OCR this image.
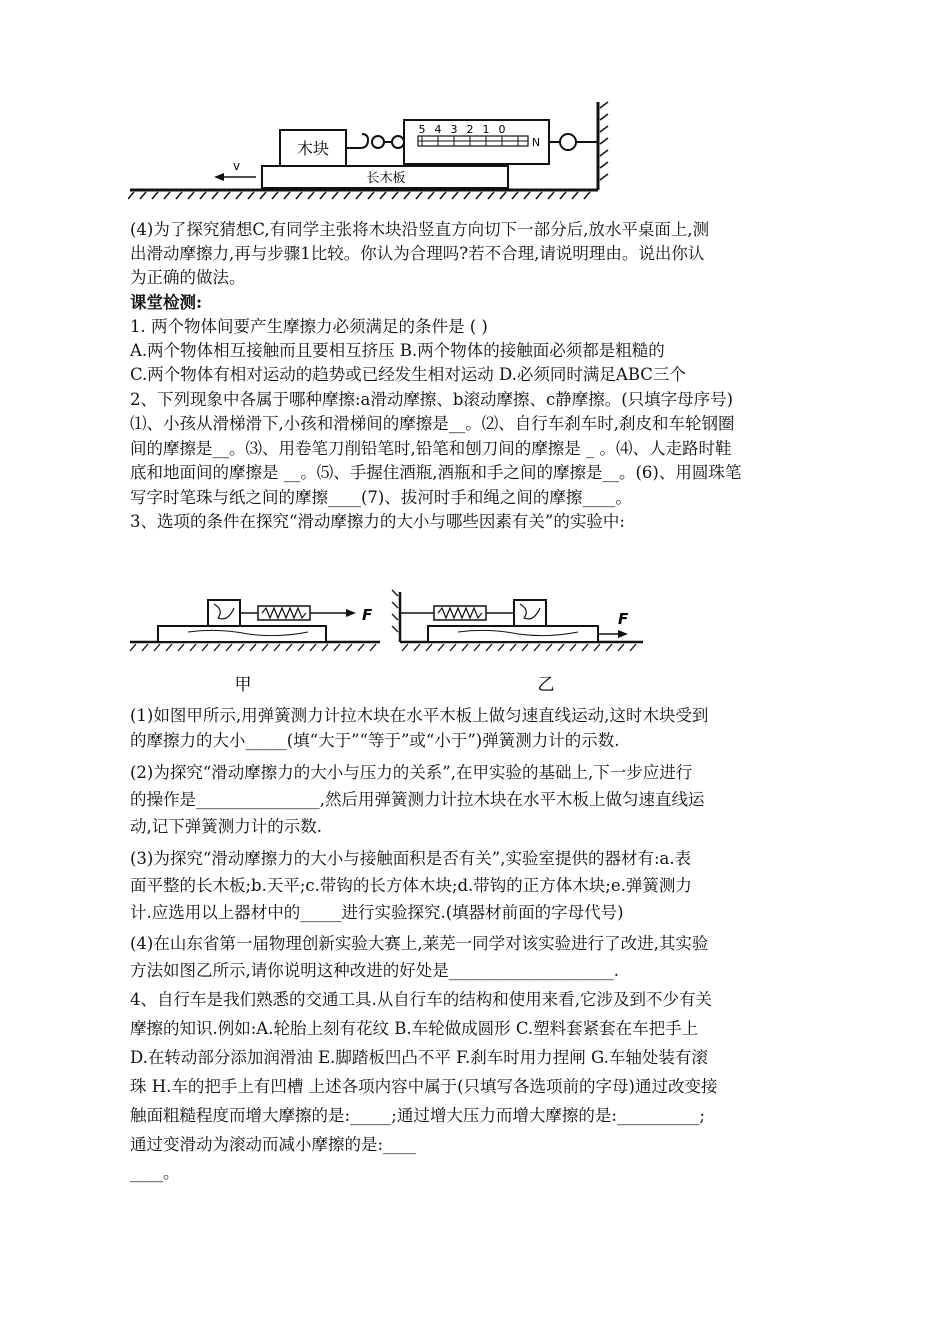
长木板
v
木块
5 4 3 2 1 0
N
(4)为了探究猜想C,有同学主张将木块沿竖直方向切下一部分后,放水平桌面上,测
出滑动摩擦力,再与步骤1比较。你认为合理吗?若不合理,请说明理由。说出你认
为正确的做法。
课堂检测:
1. 两个物体间要产生摩擦力必须满足的条件是 ( )
A.两个物体相互接触而且要相互挤压 B.两个物体的接触面必须都是粗糙的
C.两个物体有相对运动的趋势或已经发生相对运动 D.必须同时满足ABC三个
2、下列现象中各属于哪种摩擦:a滑动摩擦、b滚动摩擦、c静摩擦。(只填字母序号)
⑴、小孩从滑梯滑下,小孩和滑梯间的摩擦是__。⑵、自行车刹车时,刹皮和车轮钢圈
间的摩擦是__。⑶、用卷笔刀削铅笔时,铅笔和刨刀间的摩擦是 _ 。⑷、人走路时鞋
底和地面间的摩擦是 __。⑸、手握住酒瓶,酒瓶和手之间的摩擦是__。(6)、用圆珠笔
写字时笔珠与纸之间的摩擦____(7)、拔河时手和绳之间的摩擦____。
3、选项的条件在探究“滑动摩擦力的大小与哪些因素有关”的实验中:
F
甲
F
乙
(1)如图甲所示,用弹簧测力计拉木块在水平木板上做匀速直线运动,这时木块受到
的摩擦力的大小_____(填“大于”“等于”或“小于”)弹簧测力计的示数.
(2)为探究“滑动摩擦力的大小与压力的关系”,在甲实验的基础上,下一步应进行
的操作是_______________,然后用弹簧测力计拉木块在水平木板上做匀速直线运
动,记下弹簧测力计的示数.
(3)为探究“滑动摩擦力的大小与接触面积是否有关”,实验室提供的器材有:a.表
面平整的长木板;b.天平;c.带钩的长方体木块;d.带钩的正方体木块;e.弹簧测力
计.应选用以上器材中的_____进行实验探究.(填器材前面的字母代号)
(4)在山东省第一届物理创新实验大赛上,莱芜一同学对该实验进行了改进,其实验
方法如图乙所示,请你说明这种改进的好处是____________________.
4、自行车是我们熟悉的交通工具.从自行车的结构和使用来看,它涉及到不少有关
摩擦的知识.例如:A.轮胎上刻有花纹 B.车轮做成圆形 C.塑料套紧套在车把手上
D.在转动部分添加润滑油 E.脚踏板凹凸不平 F.刹车时用力捏闸 G.车轴处装有滚
珠 H.车的把手上有凹槽 上述各项内容中属于(只填写各选项前的字母)通过改变接
触面粗糙程度而增大摩擦的是:_____;通过增大压力而增大摩擦的是:__________;
通过变滑动为滚动而减小摩擦的是:____
____。
